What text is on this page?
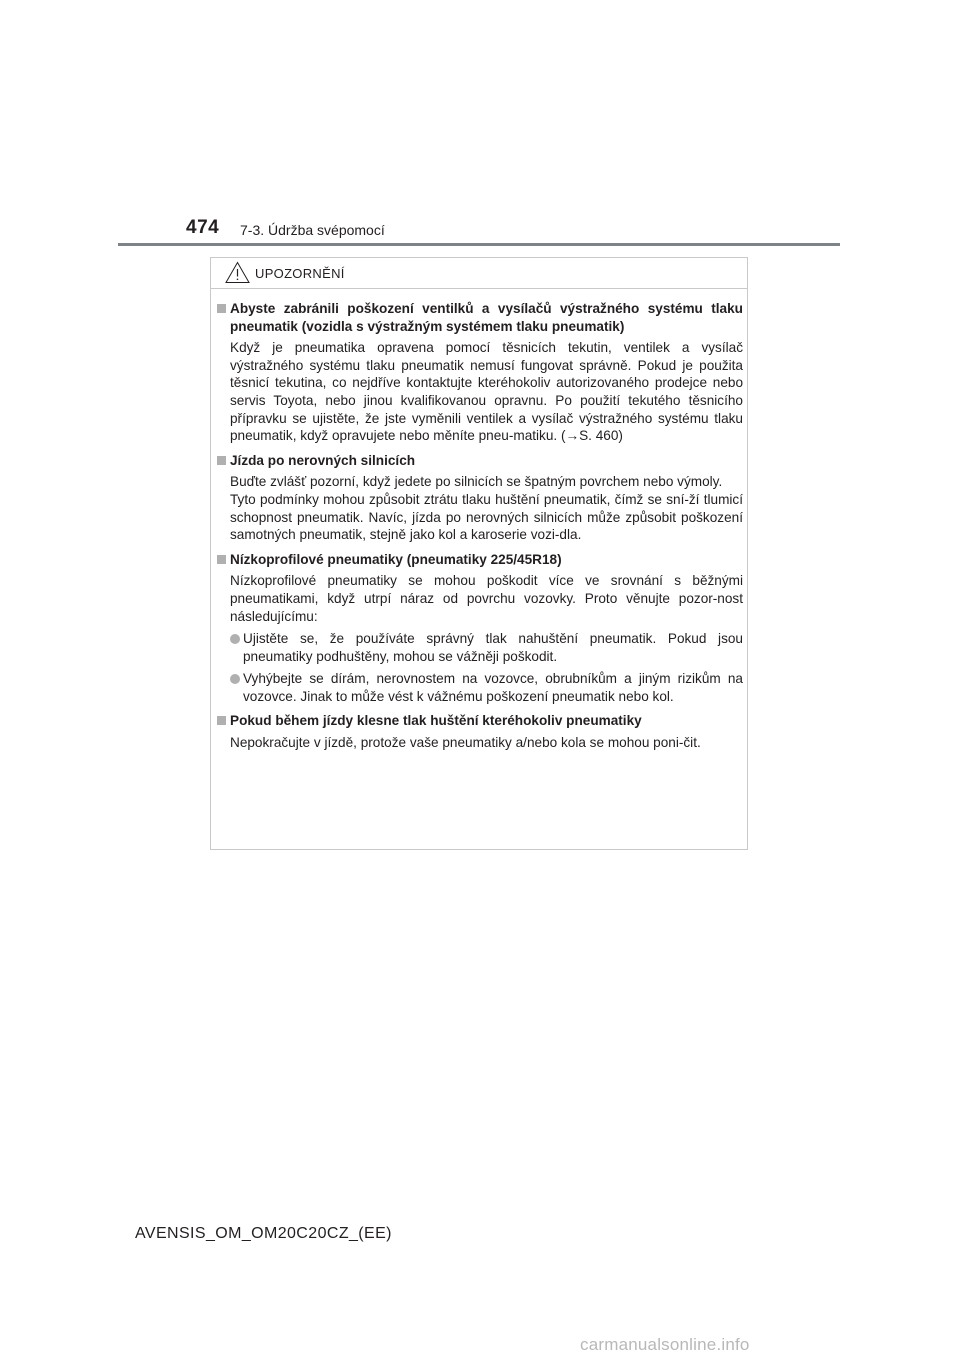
474 7-3. Údržba svépomocí
UPOZORNĚNÍ
Abyste zabránili poškození ventilků a vysílačů výstražného systému tlaku pneumatik (vozidla s výstražným systémem tlaku pneumatik)
Když je pneumatika opravena pomocí těsnicích tekutin, ventilek a vysílač výstražného systému tlaku pneumatik nemusí fungovat správně. Pokud je použita těsnicí tekutina, co nejdříve kontaktujte kteréhokoliv autorizovaného prodejce nebo servis Toyota, nebo jinou kvalifikovanou opravnu. Po použití tekutého těsnicího přípravku se ujistěte, že jste vyměnili ventilek a vysílač výstražného systému tlaku pneumatik, když opravujete nebo měníte pneu-matiku. (→S. 460)
Jízda po nerovných silnicích
Buďte zvlášť pozorní, když jedete po silnicích se špatným povrchem nebo výmoly.
Tyto podmínky mohou způsobit ztrátu tlaku huštění pneumatik, čímž se sní-ží tlumicí schopnost pneumatik. Navíc, jízda po nerovných silnicích může způsobit poškození samotných pneumatik, stejně jako kol a karoserie vozi-dla.
Nízkoprofilové pneumatiky (pneumatiky 225/45R18)
Nízkoprofilové pneumatiky se mohou poškodit více ve srovnání s běžnými pneumatikami, když utrpí náraz od povrchu vozovky. Proto věnujte pozor-nost následujícímu:
Ujistěte se, že používáte správný tlak nahuštění pneumatik. Pokud jsou pneumatiky podhuštěny, mohou se vážněji poškodit.
Vyhýbejte se dírám, nerovnostem na vozovce, obrubníkům a jiným rizikům na vozovce. Jinak to může vést k vážnému poškození pneumatik nebo kol.
Pokud během jízdy klesne tlak huštění kteréhokoliv pneumatiky
Nepokračujte v jízdě, protože vaše pneumatiky a/nebo kola se mohou poni-čit.
AVENSIS_OM_OM20C20CZ_(EE)
carmanualsonline.info
